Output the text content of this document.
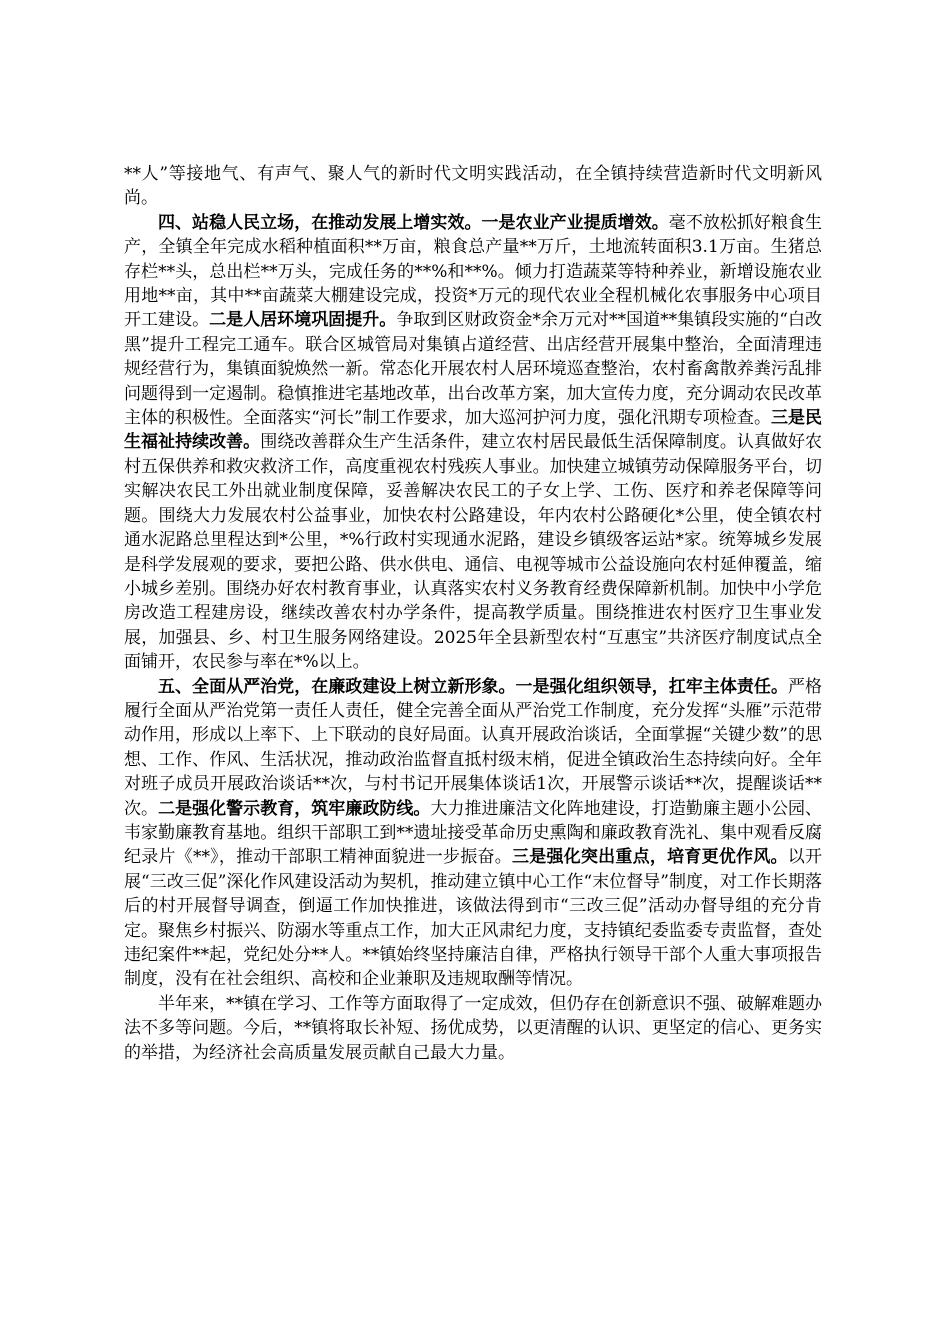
**人”等接地气、有声气、聚人气的新时代文明实践活动，在全镇持续营造新时代文明新风尚。

四、站稳人民立场，在推动发展上增实效。一是农业产业提质增效。毫不放松抓好粮食生产，全镇全年完成水稻种植面积**万亩，粮食总产量**万斤，土地流转面积3.1万亩。生猪总存栏**头，总出栏**万头，完成任务的**%和**%。倾力打造蔬菜等特种养业，新增设施农业用地**亩，其中**亩蔬菜大棚建设完成，投资*万元的现代农业全程机械化农事服务中心项目开工建设。二是人居环境巩固提升。争取到区财政资金*余万元对**国道**集镇段实施的“白改黑”提升工程完工通车。联合区城管局对集镇占道经营、出店经营开展集中整治，全面清理违规经营行为，集镇面貌焕然一新。常态化开展农村人居环境巡查整治，农村畜禽散养粪污乱排问题得到一定遏制。稳慎推进宅基地改革，出台改革方案，加大宣传力度，充分调动农民改革主体的积极性。全面落实“河长”制工作要求，加大巡河护河力度，强化汛期专项检查。三是民生福祉持续改善。围绕改善群众生产生活条件，建立农村居民最低生活保障制度。认真做好农村五保供养和救灾救济工作，高度重视农村残疾人事业。加快建立城镇劳动保障服务平台，切实解决农民工外出就业制度保障，妥善解决农民工的子女上学、工伤、医疗和养老保障等问题。围绕大力发展农村公益事业，加快农村公路建设，年内农村公路硬化*公里，使全镇农村通水泥路总里程达到*公里，*%行政村实现通水泥路，建设乡镇级客运站*家。统筹城乡发展是科学发展观的要求，要把公路、供水供电、通信、电视等城市公益设施向农村延伸覆盖，缩小城乡差别。围绕办好农村教育事业，认真落实农村义务教育经费保障新机制。加快中小学危房改造工程建房设，继续改善农村办学条件，提高教学质量。围绕推进农村医疗卫生事业发展，加强县、乡、村卫生服务网络建设。2025年全县新型农村“互惠宝”共济医疗制度试点全面铺开，农民参与率在*%以上。

五、全面从严治党，在廉政建设上树立新形象。一是强化组织领导，扛牢主体责任。严格履行全面从严治党第一责任人责任，健全完善全面从严治党工作制度，充分发挥“头雁”示范带动作用，形成以上率下、上下联动的良好局面。认真开展政治谈话，全面掌握“关键少数”的思想、工作、作风、生活状况，推动政治监督直抵村级末梢，促进全镇政治生态持续向好。全年对班子成员开展政治谈话**次，与村书记开展集体谈话1次，开展警示谈话**次，提醒谈话**次。二是强化警示教育，筑牢廉政防线。大力推进廉洁文化阵地建设，打造勤廉主题小公园、韦家勤廉教育基地。组织干部职工到**遗址接受革命历史熏陶和廉政教育洗礼、集中观看反腐纪录片《**》，推动干部职工精神面貌进一步振奋。三是强化突出重点，培育更优作风。以开展“三改三促”深化作风建设活动为契机，推动建立镇中心工作“末位督导”制度，对工作长期落后的村开展督导调查，倒逼工作加快推进，该做法得到市“三改三促”活动办督导组的充分肯定。聚焦乡村振兴、防溺水等重点工作，加大正风肃纪力度，支持镇纪委监委专责监督，查处违纪案件**起，党纪处分**人。**镇始终坚持廉洁自律，严格执行领导干部个人重大事项报告制度，没有在社会组织、高校和企业兼职及违规取酬等情况。

半年来，**镇在学习、工作等方面取得了一定成效，但仍存在创新意识不强、破解难题办法不多等问题。今后，**镇将取长补短、扬优成势，以更清醒的认识、更坚定的信心、更务实的举措，为经济社会高质量发展贡献自己最大力量。
